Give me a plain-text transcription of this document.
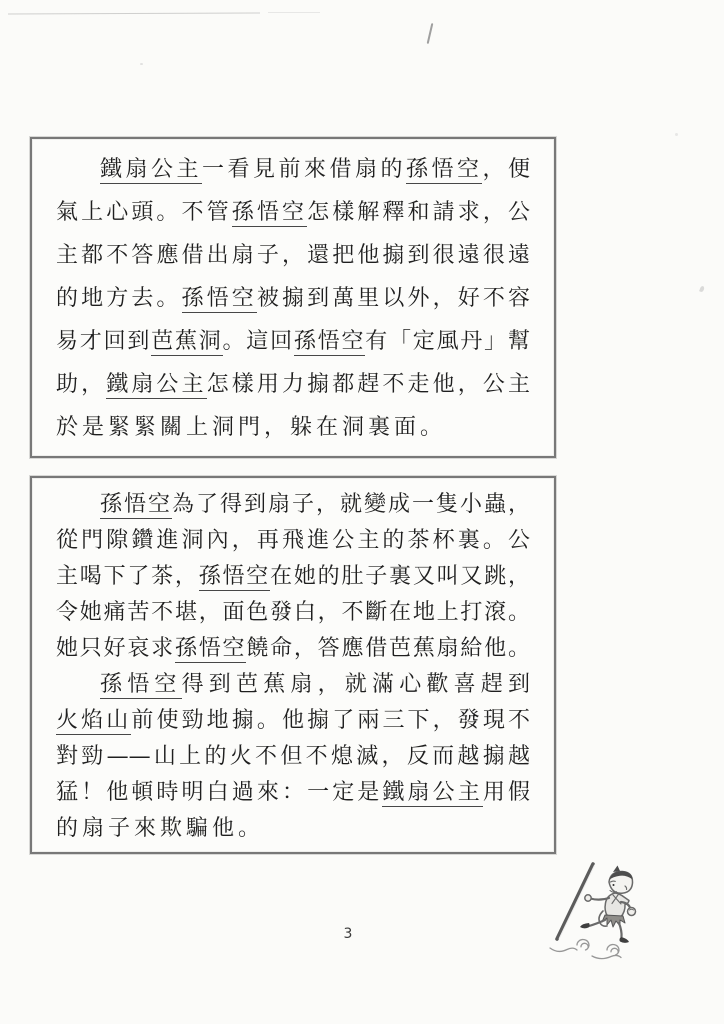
鐵扇公主一看見前來借扇的孫悟空，便
氣上心頭。不管孫悟空怎樣解釋和請求，公
主都不答應借出扇子，還把他搧到很遠很遠
的地方去。孫悟空被搧到萬里以外，好不容
易才回到芭蕉洞。這回孫悟空有「定風丹」幫
助，鐵扇公主怎樣用力搧都趕不走他，公主
於是緊緊關上洞門，躲在洞裏面。
孫悟空為了得到扇子，就變成一隻小蟲，
從門隙鑽進洞內，再飛進公主的茶杯裏。公
主喝下了茶，孫悟空在她的肚子裏又叫又跳，
令她痛苦不堪，面色發白，不斷在地上打滾。
她只好哀求孫悟空饒命，答應借芭蕉扇給他。
孫悟空得到芭蕉扇，就滿心歡喜趕到
火焰山前使勁地搧。他搧了兩三下，發現不
對勁——山上的火不但不熄滅，反而越搧越
猛！他頓時明白過來：一定是鐵扇公主用假
的扇子來欺騙他。
3
